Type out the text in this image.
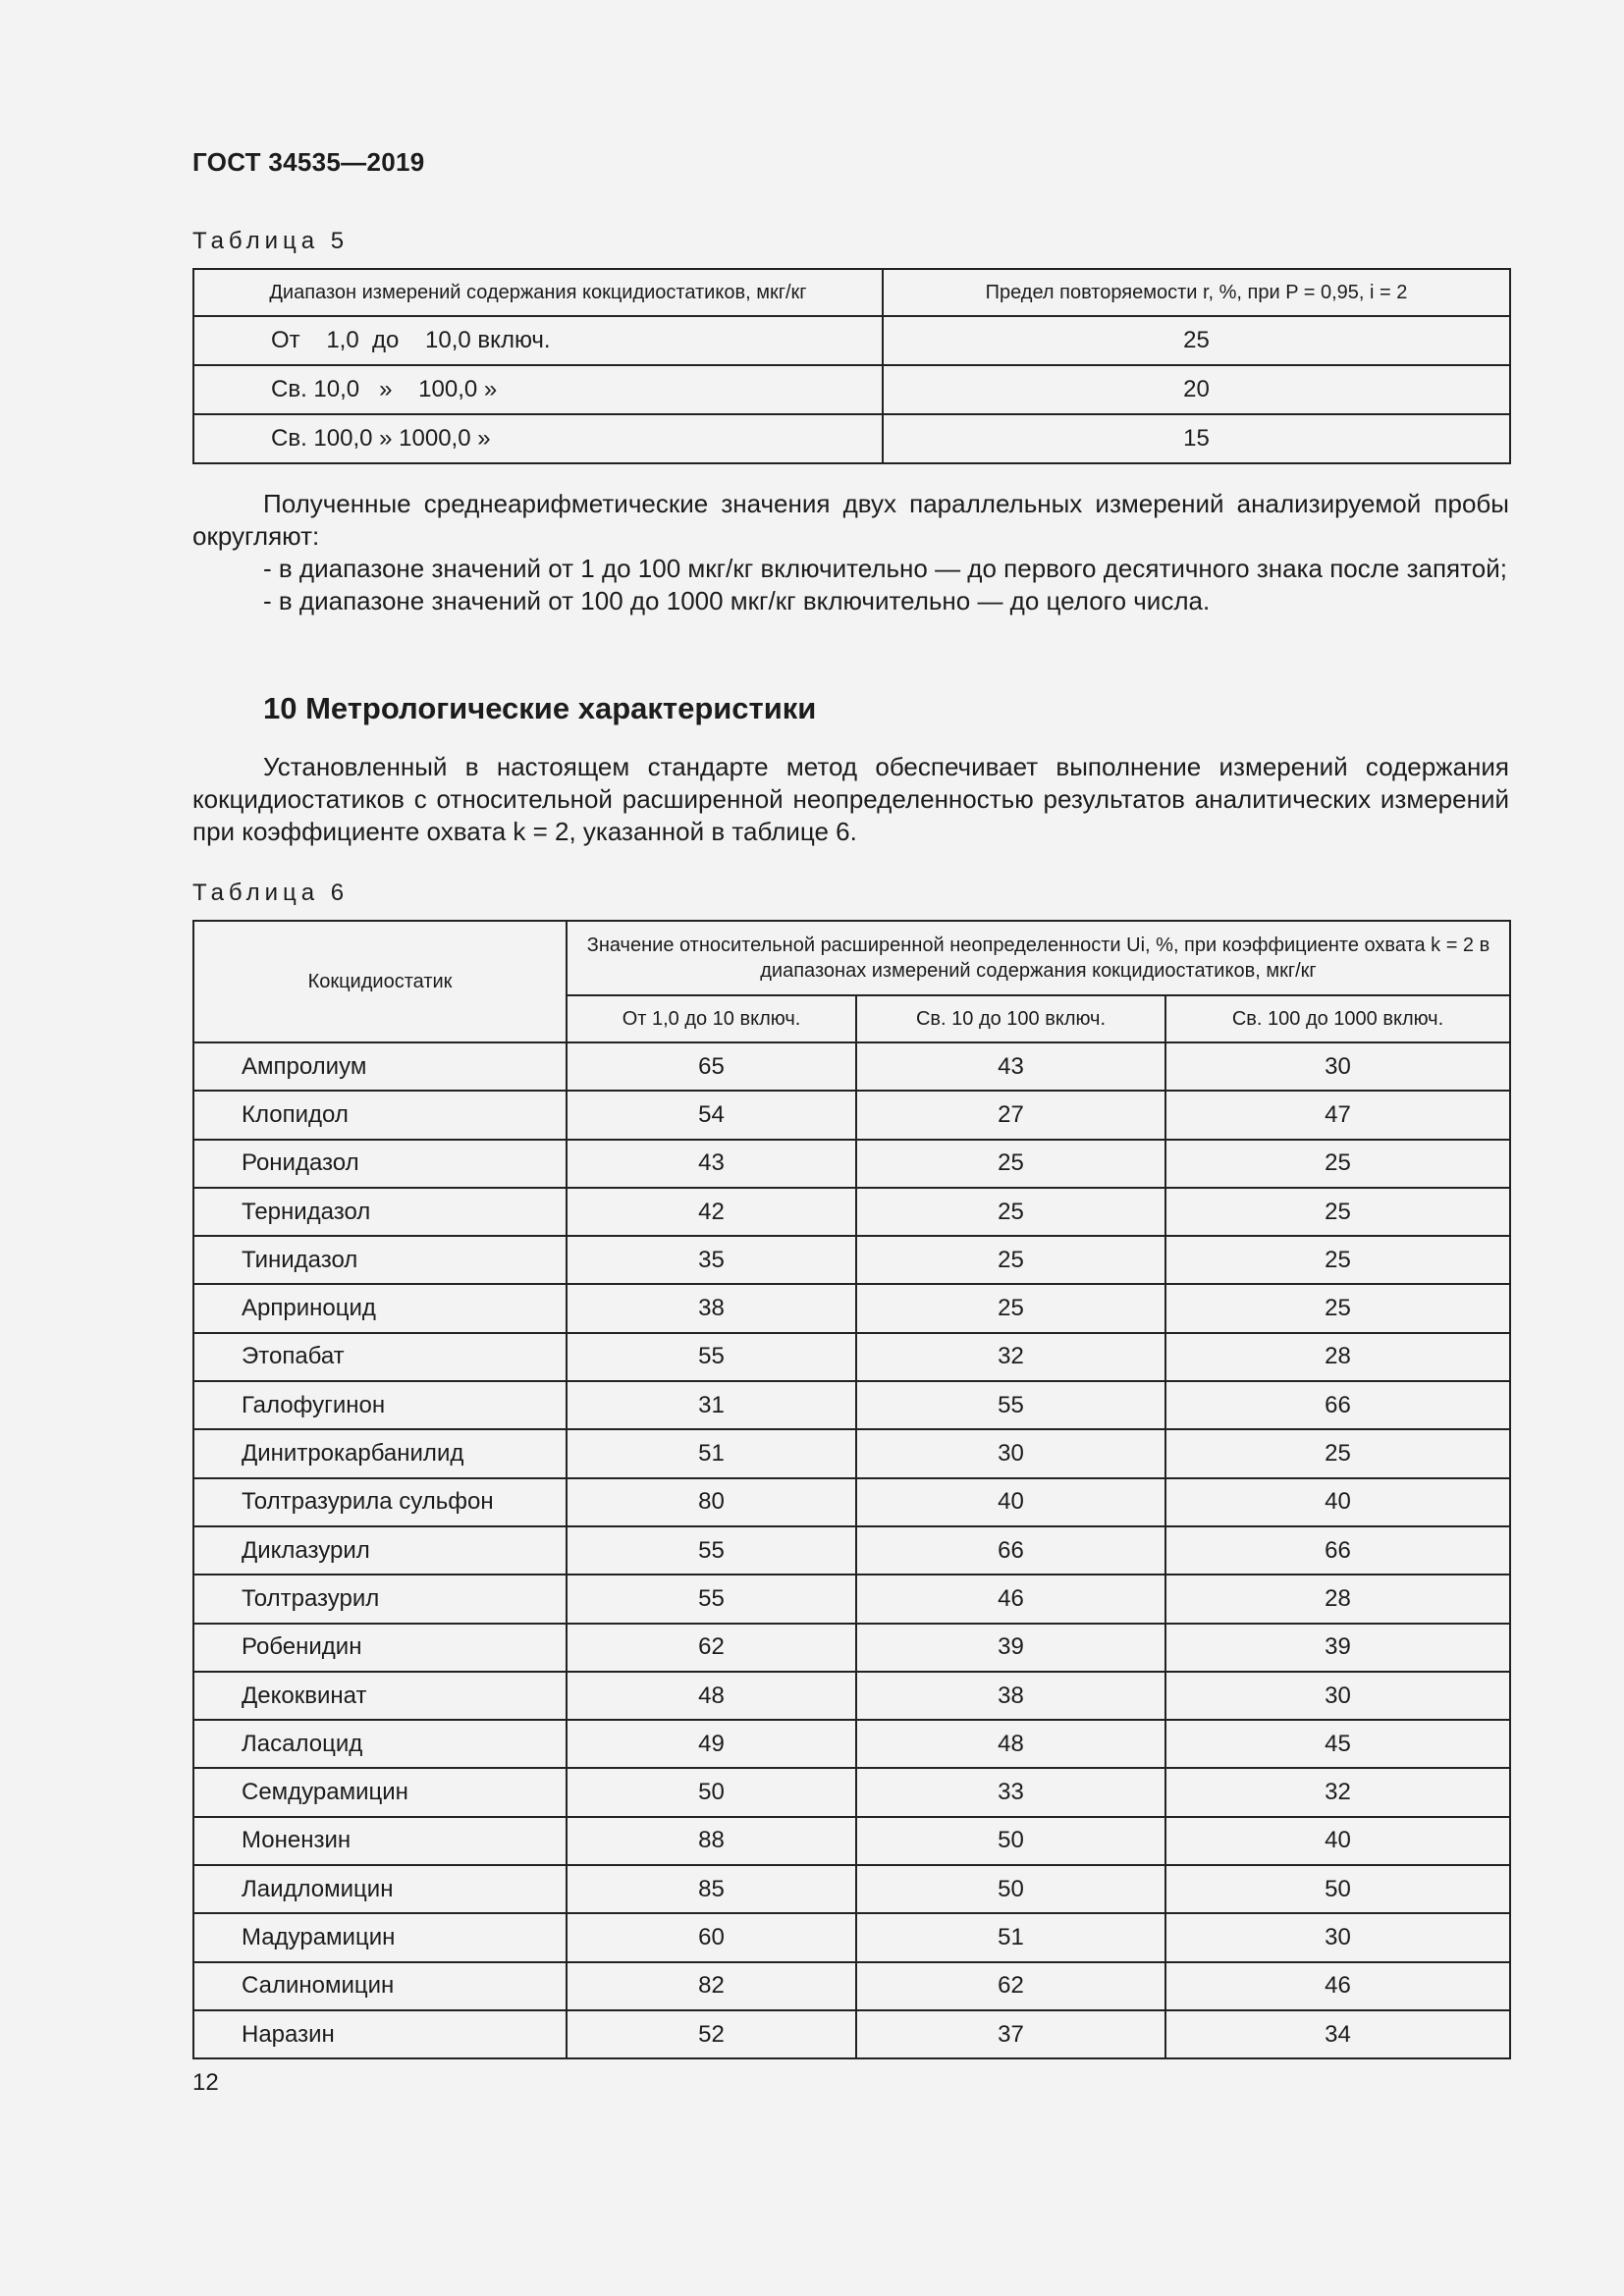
ГОСТ 34535—2019
Таблица 5
Диапазон измерений содержания кокцидиостатиков, мкг/кг	Предел повторяемости r, %, при P = 0,95, i = 2
От    1,0  до    10,0 включ.	25
Св. 10,0   »    100,0 »	20
Св. 100,0 » 1000,0 »	15

Полученные среднеарифметические значения двух параллельных измерений анализируемой пробы округляют:

- в диапазоне значений от 1 до 100 мкг/кг включительно — до первого десятичного знака после запятой;

- в диапазоне значений от 100 до 1000 мкг/кг включительно — до целого числа.

10 Метрологические характеристики

Установленный в настоящем стандарте метод обеспечивает выполнение измерений содержания кокцидиостатиков с относительной расширенной неопределенностью результатов аналитических измерений при коэффициенте охвата k = 2, указанной в таблице 6.

Таблица 6
Кокцидиостатик	Значение относительной расширенной неопределенности Ui, %, при коэффициенте охвата k = 2 в диапазонах измерений содержания кокцидиостатиков, мкг/кг		
	От 1,0 до 10 включ.	Св. 10 до 100 включ.	Св. 100 до 1000 включ.
Ампролиум	65	43	30
Клопидол	54	27	47
Ронидазол	43	25	25
Тернидазол	42	25	25
Тинидазол	35	25	25
Арприноцид	38	25	25
Этопабат	55	32	28
Галофугинон	31	55	66
Динитрокарбанилид	51	30	25
Толтразурила сульфон	80	40	40
Диклазурил	55	66	66
Толтразурил	55	46	28
Робенидин	62	39	39
Декоквинат	48	38	30
Ласалоцид	49	48	45
Семдурамицин	50	33	32
Монензин	88	50	40
Лаидломицин	85	50	50
Мадурамицин	60	51	30
Салиномицин	82	62	46
Наразин	52	37	34
12
